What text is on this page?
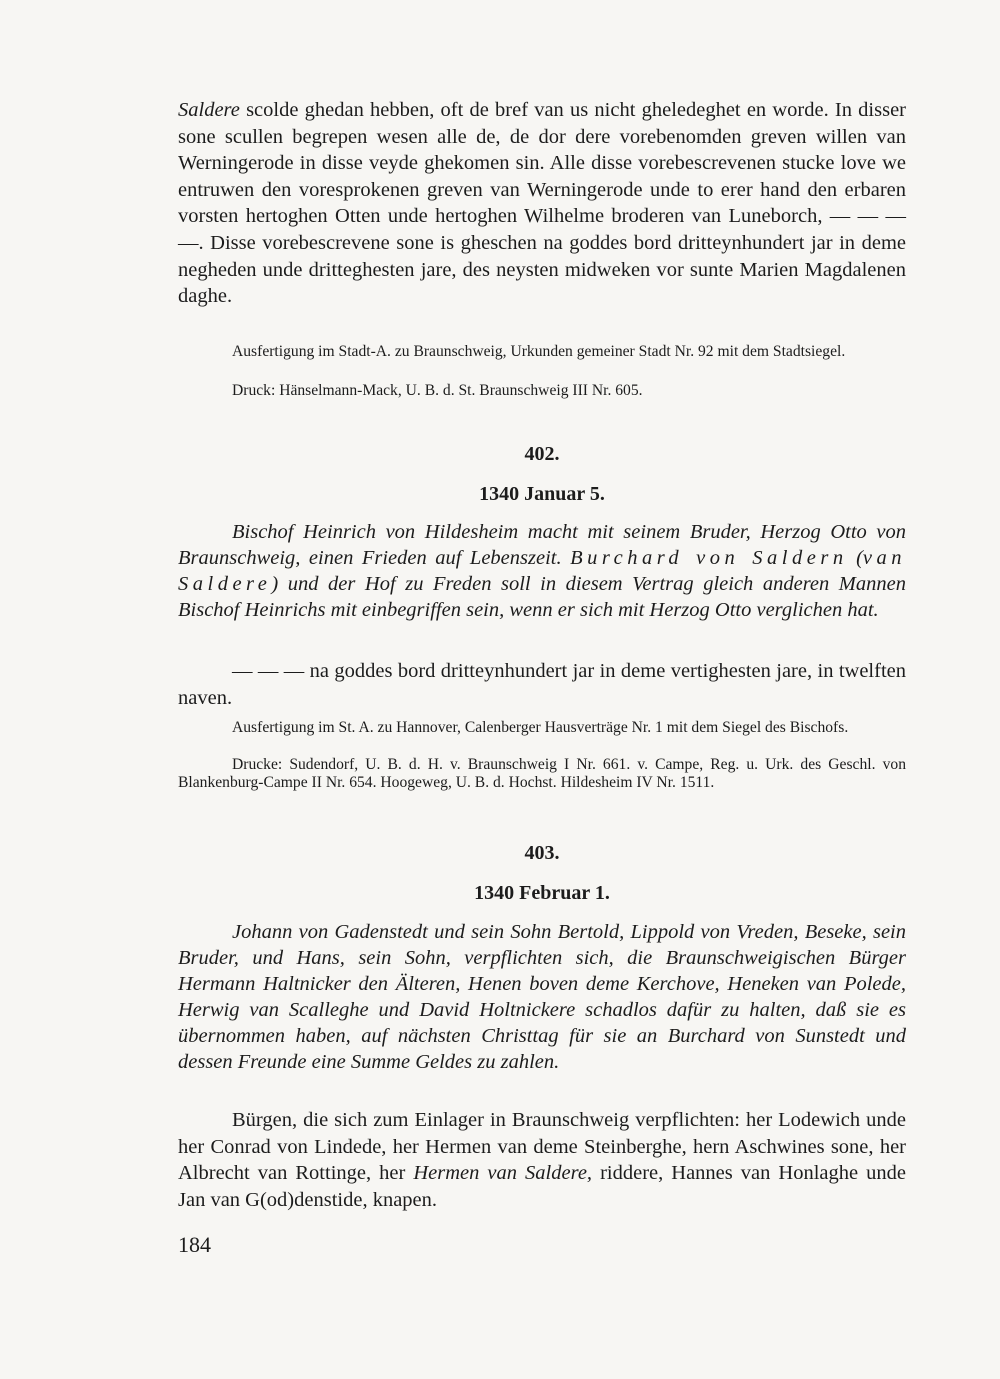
Saldere scolde ghedan hebben, oft de bref van us nicht gheledeghet en worde. In disser sone scullen begrepen wesen alle de, de dor dere vorebenomden greven willen van Werningerode in disse veyde ghekomen sin. Alle disse vorebescrevenen stucke love we entruwen den voresprokenen greven van Werningerode unde to erer hand den erbaren vorsten hertoghen Otten unde hertoghen Wilhelme broderen van Luneborch, — — — —. Disse vorebescrevene sone is gheschen na goddes bord dritteynhundert jar in deme negheden unde dritteghesten jare, des neysten midweken vor sunte Marien Magdalenen daghe.

Ausfertigung im Stadt-A. zu Braunschweig, Urkunden gemeiner Stadt Nr. 92 mit dem Stadtsiegel.

Druck: Hänselmann-Mack, U. B. d. St. Braunschweig III Nr. 605.

402.

1340 Januar 5.

Bischof Heinrich von Hildesheim macht mit seinem Bruder, Herzog Otto von Braunschweig, einen Frieden auf Lebenszeit. Burchard von Saldern (van Saldere) und der Hof zu Freden soll in diesem Vertrag gleich anderen Mannen Bischof Heinrichs mit einbegriffen sein, wenn er sich mit Herzog Otto verglichen hat.

— — — na goddes bord dritteynhundert jar in deme vertighesten jare, in twelften naven.

Ausfertigung im St. A. zu Hannover, Calenberger Hausverträge Nr. 1 mit dem Siegel des Bischofs.

Drucke: Sudendorf, U. B. d. H. v. Braunschweig I Nr. 661. v. Campe, Reg. u. Urk. des Geschl. von Blankenburg-Campe II Nr. 654. Hoogeweg, U. B. d. Hochst. Hildesheim IV Nr. 1511.

403.

1340 Februar 1.

Johann von Gadenstedt und sein Sohn Bertold, Lippold von Vreden, Beseke, sein Bruder, und Hans, sein Sohn, verpflichten sich, die Braunschweigischen Bürger Hermann Haltnicker den Älteren, Henen boven deme Kerchove, Heneken van Polede, Herwig van Scalleghe und David Holtnickere schadlos dafür zu halten, daß sie es übernommen haben, auf nächsten Christtag für sie an Burchard von Sunstedt und dessen Freunde eine Summe Geldes zu zahlen.

Bürgen, die sich zum Einlager in Braunschweig verpflichten: her Lodewich unde her Conrad von Lindede, her Hermen van deme Steinberghe, hern Aschwines sone, her Albrecht van Rottinge, her Hermen van Saldere, riddere, Hannes van Honlaghe unde Jan van G(od)denstide, knapen.

184
